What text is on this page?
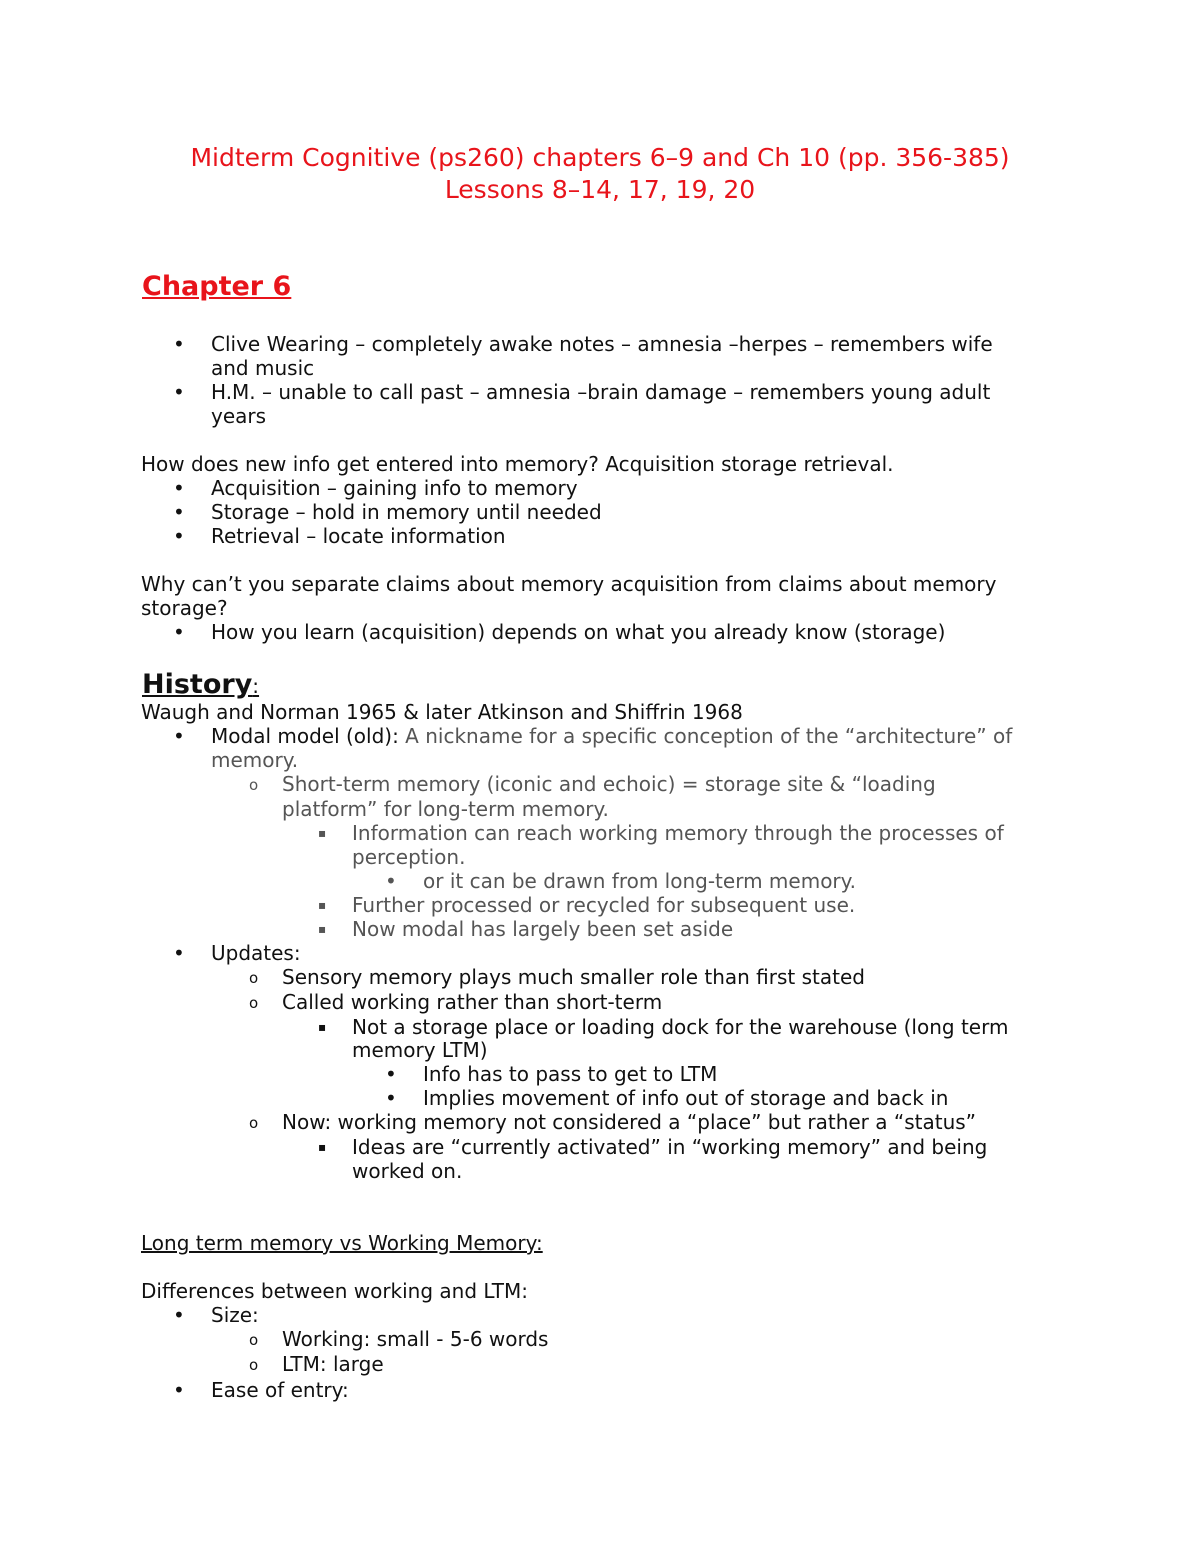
Midterm Cognitive (ps260) chapters 6–9 and Ch 10 (pp. 356-385)
Lessons 8–14, 17, 19, 20
Chapter 6
• Clive Wearing – completely awake notes – amnesia –herpes – remembers wife
and music
• H.M. – unable to call past – amnesia –brain damage – remembers young adult
years
How does new info get entered into memory? Acquisition storage retrieval.
• Acquisition – gaining info to memory
• Storage – hold in memory until needed
• Retrieval – locate information
Why can’t you separate claims about memory acquisition from claims about memory
storage?
• How you learn (acquisition) depends on what you already know (storage)
History:
Waugh and Norman 1965 & later Atkinson and Shiffrin 1968
• Modal model (old): A nickname for a specific conception of the “architecture” of
memory.
o Short-term memory (iconic and echoic) = storage site & “loading
platform” for long-term memory.
▪ Information can reach working memory through the processes of
perception.
• or it can be drawn from long-term memory.
▪ Further processed or recycled for subsequent use.
▪ Now modal has largely been set aside
• Updates:
o Sensory memory plays much smaller role than first stated
o Called working rather than short-term
▪ Not a storage place or loading dock for the warehouse (long term
memory LTM)
• Info has to pass to get to LTM
• Implies movement of info out of storage and back in
o Now: working memory not considered a “place” but rather a “status”
▪ Ideas are “currently activated” in “working memory” and being
worked on.
Long term memory vs Working Memory:
Differences between working and LTM:
• Size:
o Working: small - 5-6 words
o LTM: large
• Ease of entry:
